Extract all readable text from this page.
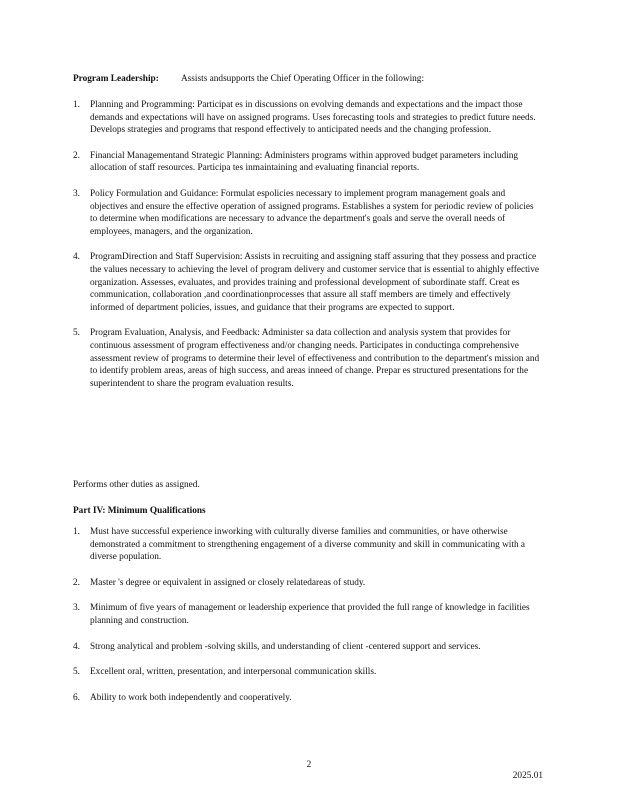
Program Leadership: Assists andsupports the Chief Operating Officer in the following:
1. Planning and Programming: Participat es in discussions on evolving demands and expectations and the impact those demands and expectations will have on assigned programs. Uses forecasting tools and strategies to predict future needs. Develops strategies and programs that respond effectively to anticipated needs and the changing profession.
2. Financial Managementand Strategic Planning: Administers programs within approved budget parameters including allocation of staff resources. Participa tes inmaintaining and evaluating financial reports.
3. Policy Formulation and Guidance: Formulat espolicies necessary to implement program management goals and objectives and ensure the effective operation of assigned programs. Establishes a system for periodic review of policies to determine when modifications are necessary to advance the department's goals and serve the overall needs of employees, managers, and the organization.
4. ProgramDirection and Staff Supervision: Assists in recruiting and assigning staff assuring that they possess and practice the values necessary to achieving the level of program delivery and customer service that is essential to ahighly effective organization. Assesses, evaluates, and provides training and professional development of subordinate staff. Creat es communication, collaboration ,and coordinationprocesses that assure all staff members are timely and effectively informed of department policies, issues, and guidance that their programs are expected to support.
5. Program Evaluation, Analysis, and Feedback: Administer sa data collection and analysis system that provides for continuous assessment of program effectiveness and/or changing needs. Participates in conductinga comprehensive assessment review of programs to determine their level of effectiveness and contribution to the department's mission and to identify problem areas, areas of high success, and areas inneed of change. Prepar es structured presentations for the superintendent to share the program evaluation results.
Performs other duties as assigned.
Part IV: Minimum Qualifications
1. Must have successful experience inworking with culturally diverse families and communities, or have otherwise demonstrated a commitment to strengthening engagement of a diverse community and skill in communicating with a diverse population.
2. Master 's degree or equivalent in assigned or closely relatedareas of study.
3. Minimum of five years of management or leadership experience that provided the full range of knowledge in facilities planning and construction.
4. Strong analytical and problem -solving skills, and understanding of client -centered support and services.
5. Excellent oral, written, presentation, and interpersonal communication skills.
6. Ability to work both independently and cooperatively.
2
2025.01
